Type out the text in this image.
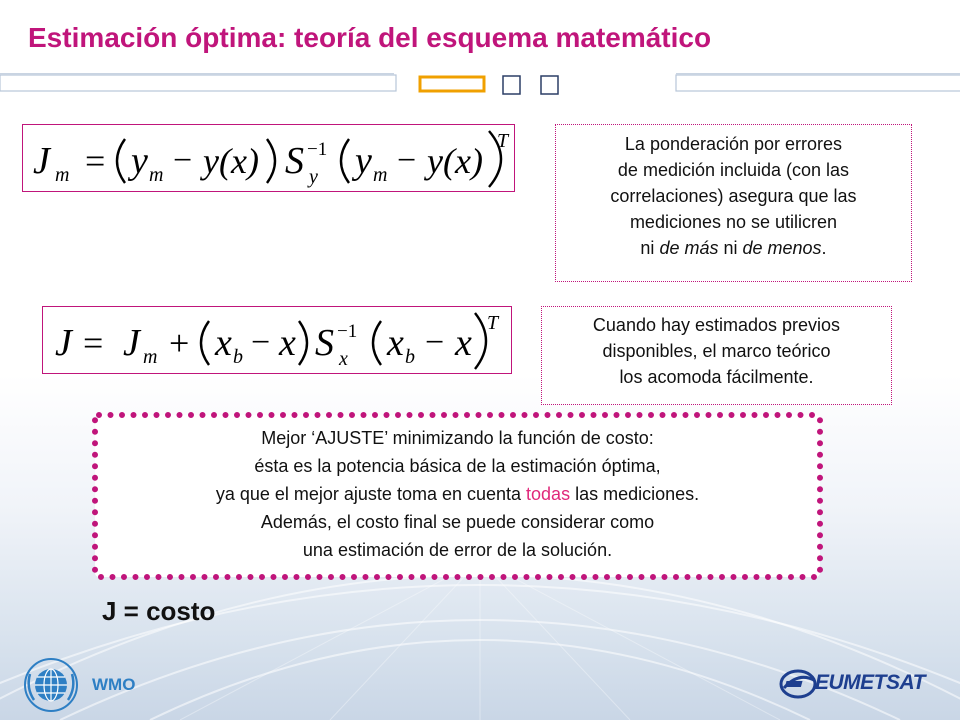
Estimación óptima: teoría del esquema matemático
J m = y m − y(x) S −1
y y m − y(x) T
J = J m + x b − x S −1
x x b − x T
La ponderación por errores
de medición incluida (con las
correlaciones) asegura que las
mediciones no se utilicren
ni de más ni de menos.
Cuando hay estimados previos
disponibles, el marco teórico
los acomoda fácilmente.
Mejor ‘AJUSTE’ minimizando la función de costo:
ésta es la potencia básica de la estimación óptima,
ya que el mejor ajuste toma en cuenta todas las mediciones.
Además, el costo final se puede considerar como
una estimación de error de la solución.
J = costo
WMO	EUMETSAT
